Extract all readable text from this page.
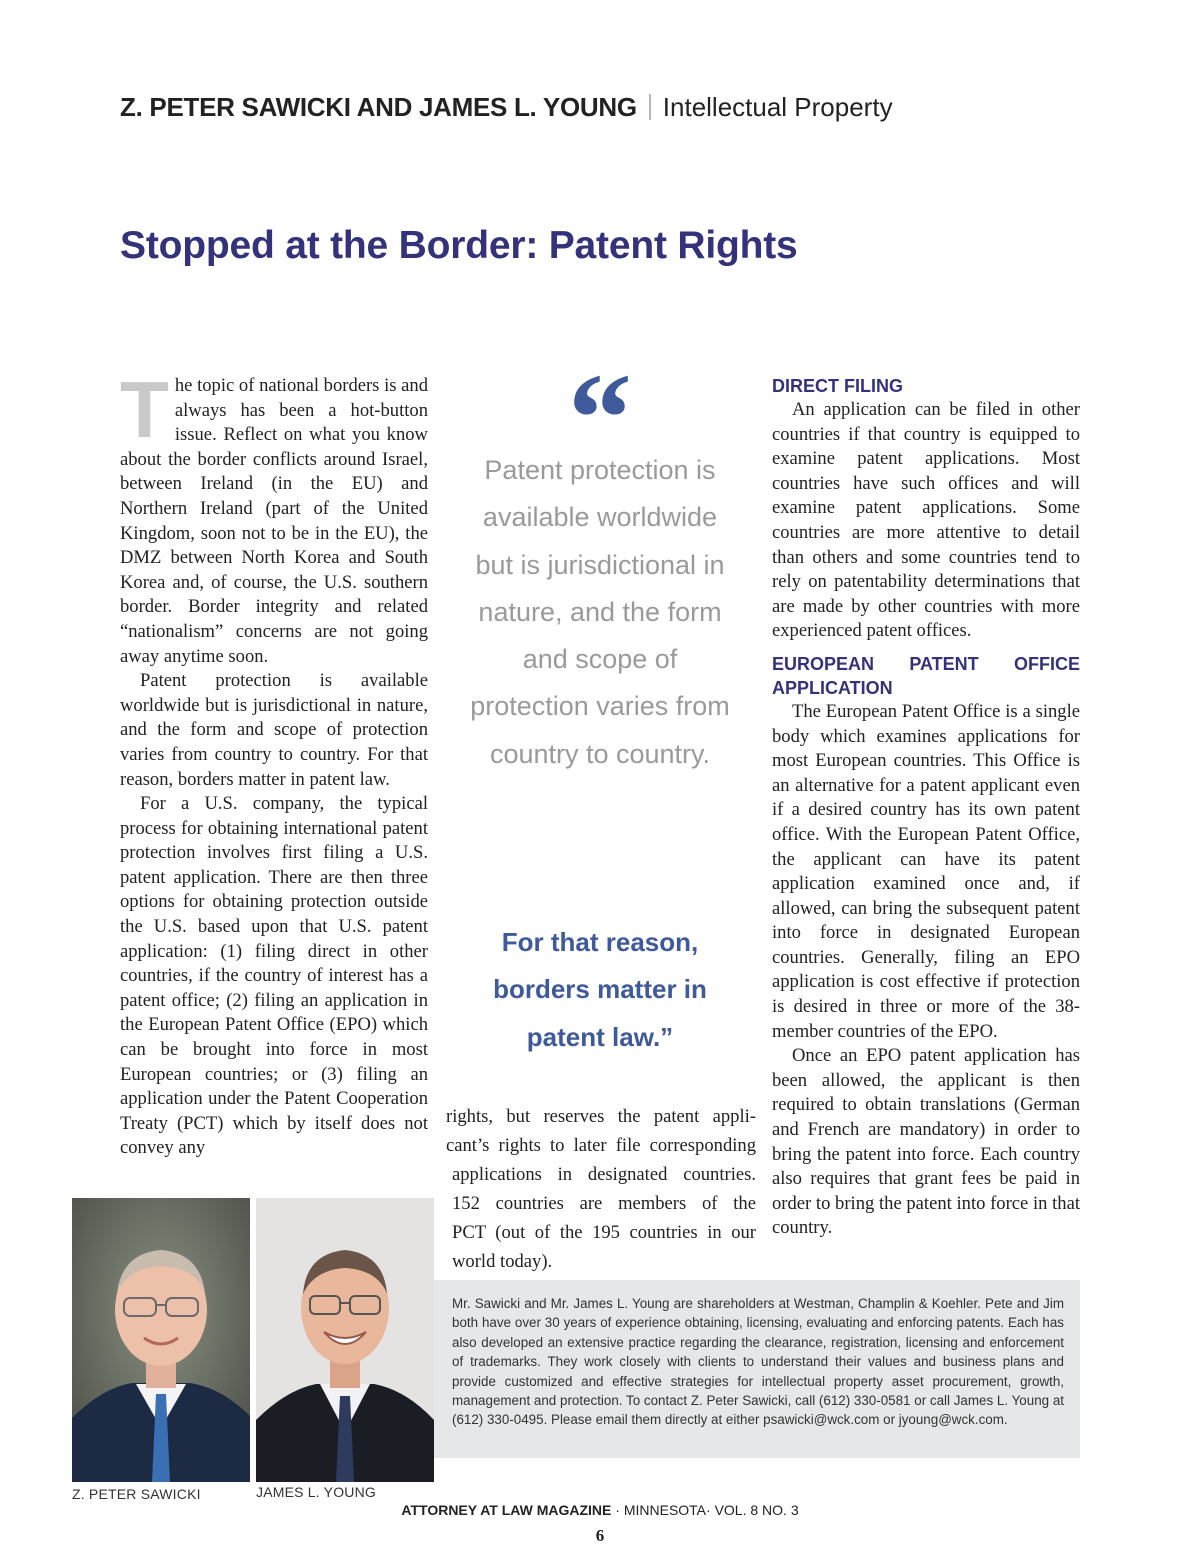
Z. PETER SAWICKI AND JAMES L. YOUNG Intellectual Property
Stopped at the Border: Patent Rights

The topic of national borders is and always has been a hot-button issue. Reflect on what you know about the border conflicts around Israel, between Ireland (in the EU) and Northern Ireland (part of the United Kingdom, soon not to be in the EU), the DMZ between North Korea and South Korea and, of course, the U.S. southern border. Border integrity and related “nationalism” concerns are not going away anytime soon.

Patent protection is available worldwide but is jurisdictional in nature, and the form and scope of protection varies from country to country. For that reason, borders matter in patent law.

For a U.S. company, the typical process for obtaining international patent protection involves first filing a U.S. patent application. There are then three options for obtaining protection outside the U.S. based upon that U.S. patent application: (1) filing direct in other countries, if the country of interest has a patent office; (2) filing an application in the European Patent Office (EPO) which can be brought into force in most European countries; or (3) filing an application under the Patent Cooperation Treaty (PCT) which by itself does not convey any

“

Patent protection is available worldwide but is jurisdictional in nature, and the form and scope of protection varies from country to country.

For that reason, borders matter in patent law.”

rights, but reserves the patent appli-
cant’s rights to later file corresponding
applications in designated countries.
152 countries are members of the
PCT (out of the 195 countries in our
world today).

DIRECT FILING

An application can be filed in other countries if that country is equipped to examine patent applications. Most countries have such offices and will examine patent applications. Some countries are more attentive to detail than others and some countries tend to rely on patentability determinations that are made by other countries with more experienced patent offices.

EUROPEAN PATENT OFFICE APPLICATION

The European Patent Office is a single body which examines applications for most European countries. This Office is an alternative for a patent applicant even if a desired country has its own patent office. With the European Patent Office, the applicant can have its patent application examined once and, if allowed, can bring the subsequent patent into force in designated European countries. Generally, filing an EPO application is cost effective if protection is desired in three or more of the 38-member countries of the EPO.

Once an EPO patent application has been allowed, the applicant is then required to obtain translations (German and French are mandatory) in order to bring the patent into force. Each country also requires that grant fees be paid in order to bring the patent into force in that country.

Z. PETER SAWICKI	JAMES L. YOUNG

Mr. Sawicki and Mr. James L. Young are shareholders at Westman, Champlin & Koehler. Pete and Jim both have over 30 years of experience obtaining, licensing, evaluating and enforcing patents. Each has also developed an extensive practice regarding the clearance, registration, licensing and enforcement of trademarks. They work closely with clients to understand their values and business plans and provide customized and effective strategies for intellectual property asset procurement, growth, management and protection. To contact Z. Peter Sawicki, call (612) 330-0581 or call James L. Young at (612) 330-0495. Please email them directly at either psawicki@wck.com or jyoung@wck.com.

ATTORNEY AT LAW MAGAZINE · MINNESOTA· VOL. 8 NO. 3
6
